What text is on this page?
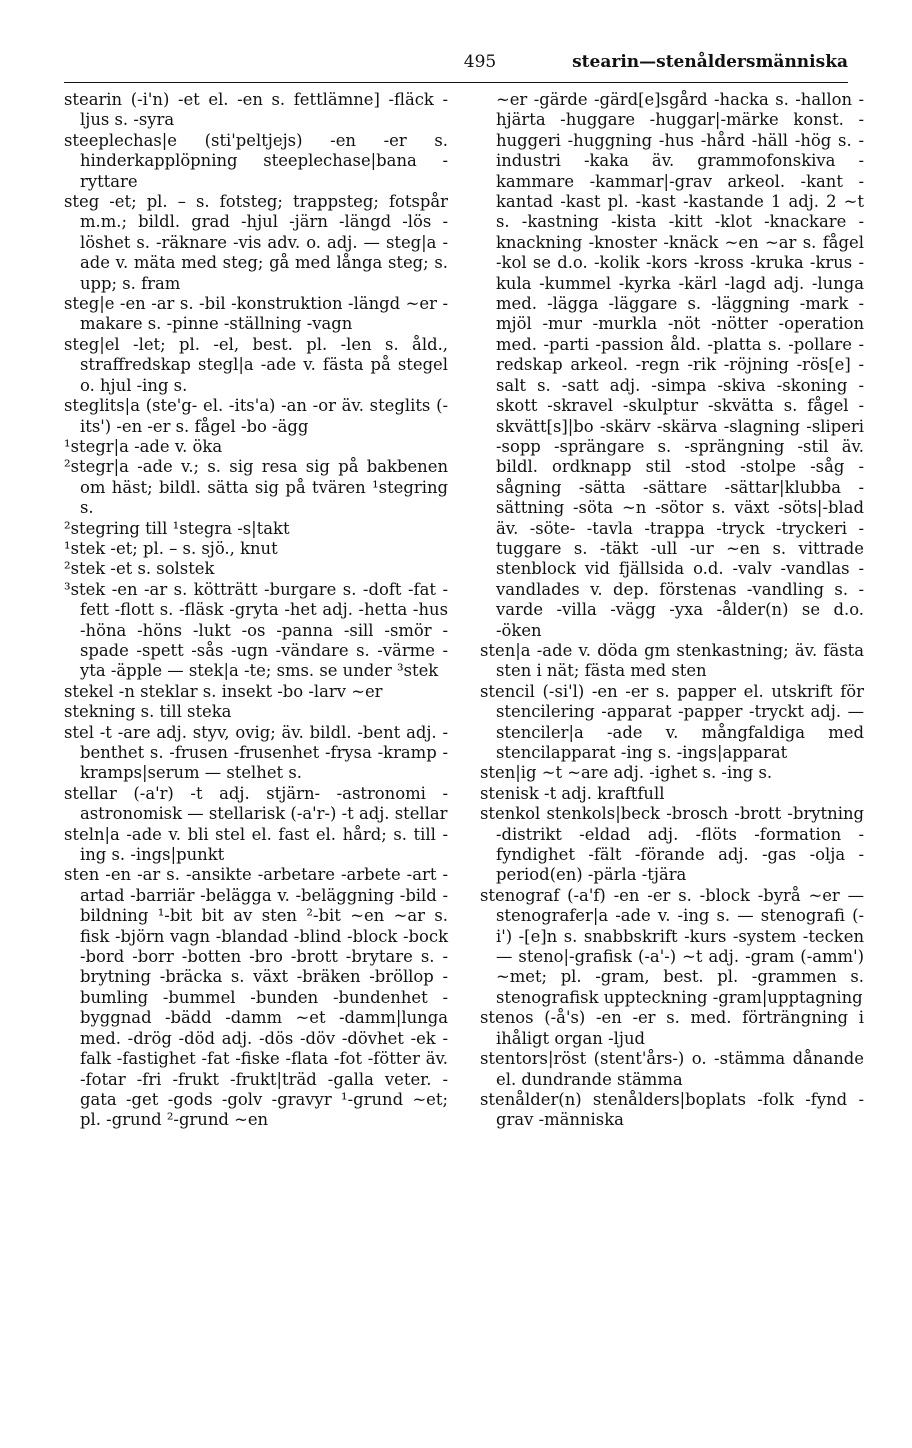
495	stearin—stenåldersmänniska

stearin (-i'n) -et el. -en s. fettlämne] -fläck -ljus s. -syra

steeplechas|e (sti'peltjejs) -en -er s. hinderkapplöpning steeplechase|bana -ryttare

steg -et; pl. – s. fotsteg; trappsteg; fotspår m.m.; bildl. grad -hjul -järn -längd -lös -löshet s. -räknare -vis adv. o. adj. — steg|a -ade v. mäta med steg; gå med långa steg; s. upp; s. fram

steg|e -en -ar s. -bil -konstruktion -längd ~er -makare s. -pinne -ställning -vagn

steg|el -let; pl. -el, best. pl. -len s. åld., straffredskap stegl|a -ade v. fästa på stegel o. hjul -ing s.

steglits|a (ste'g- el. -its'a) -an -or äv. steglits (-its') -en -er s. fågel -bo -ägg

¹stegr|a -ade v. öka

²stegr|a -ade v.; s. sig resa sig på bakbenen om häst; bildl. sätta sig på tvären ¹stegring s.

²stegring till ¹stegra -s|takt

¹stek -et; pl. – s. sjö., knut

²stek -et s. solstek

³stek -en -ar s. kötträtt -burgare s. -doft -fat -fett -flott s. -fläsk -gryta -het adj. -hetta -hus -höna -höns -lukt -os -panna -sill -smör -spade -spett -sås -ugn -vändare s. -värme -yta -äpple — stek|a -te; sms. se under ³stek

stekel -n steklar s. insekt -bo -larv ~er

stekning s. till steka

stel -t -are adj. styv, ovig; äv. bildl. -bent adj. -benthet s. -frusen -frusenhet -frysa -kramp -kramps|serum — stelhet s.

stellar (-a'r) -t adj. stjärn- -astronomi -astronomisk — stellarisk (-a'r-) -t adj. stellar

steln|a -ade v. bli stel el. fast el. hård; s. till -ing s. -ings|punkt

sten -en -ar s. -ansikte -arbetare -arbete -art -artad -barriär -belägga v. -beläggning -bild -bildning ¹-bit bit av sten ²-bit ~en ~ar s. fisk -björn vagn -blandad -blind -block -bock -bord -borr -botten -bro -brott -brytare s. -brytning -bräcka s. växt -bräken -bröllop -bumling -bummel -bunden -bundenhet -byggnad -bädd -damm ~et -damm|lunga med. -drög -död adj. -dös -döv -dövhet -ek -falk -fastighet -fat -fiske -flata -fot -fötter äv. -fotar -fri -frukt -frukt|träd -galla veter. -gata -get -gods -golv -gravyr ¹-grund ~et; pl. -grund ²-grund ~en

~er -gärde -gärd[e]sgård -hacka s. -hallon -hjärta -huggare -huggar|-märke konst. -huggeri -huggning -hus -hård -häll -hög s. -industri -kaka äv. grammofonskiva -kammare -kammar|-grav arkeol. -kant -kantad -kast pl. -kast -kastande 1 adj. 2 ~t s. -kastning -kista -kitt -klot -knackare -knackning -knoster -knäck ~en ~ar s. fågel -kol se d.o. -kolik -kors -kross -kruka -krus -kula -kummel -kyrka -kärl -lagd adj. -lunga med. -lägga -läggare s. -läggning -mark -mjöl -mur -murkla -nöt -nötter -operation med. -parti -passion åld. -platta s. -pollare -redskap arkeol. -regn -rik -röjning -rös[e] -salt s. -satt adj. -simpa -skiva -skoning -skott -skravel -skulptur -skvätta s. fågel -skvätt[s]|bo -skärv -skärva -slagning -sliperi -sopp -sprängare s. -sprängning -stil äv. bildl. ordknapp stil -stod -stolpe -såg -sågning -sätta -sättare -sättar|klubba -sättning -söta ~n -sötor s. växt -söts|-blad äv. -söte- -tavla -trappa -tryck -tryckeri -tuggare s. -täkt -ull -ur ~en s. vittrade stenblock vid fjällsida o.d. -valv -vandlas -vandlades v. dep. förstenas -vandling s. -varde -villa -vägg -yxa -ålder(n) se d.o. -öken

sten|a -ade v. döda gm stenkastning; äv. fästa sten i nät; fästa med sten

stencil (-si'l) -en -er s. papper el. utskrift för stencilering -apparat -papper -tryckt adj. — stenciler|a -ade v. mångfaldiga med stencilapparat -ing s. -ings|apparat

sten|ig ~t ~are adj. -ighet s. -ing s.

stenisk -t adj. kraftfull

stenkol stenkols|beck -brosch -brott -brytning -distrikt -eldad adj. -flöts -formation -fyndighet -fält -förande adj. -gas -olja -period(en) -pärla -tjära

stenograf (-a'f) -en -er s. -block -byrå ~er — stenografer|a -ade v. -ing s. — stenografi (-i') -[e]n s. snabbskrift -kurs -system -tecken — steno|-grafisk (-a'-) ~t adj. -gram (-amm') ~met; pl. -gram, best. pl. -grammen s. stenografisk uppteckning -gram|upptagning

stenos (-å's) -en -er s. med. förträngning i ihåligt organ -ljud

stentors|röst (stent'års-) o. -stämma dånande el. dundrande stämma

stenålder(n) stenålders|boplats -folk -fynd -grav -människa
